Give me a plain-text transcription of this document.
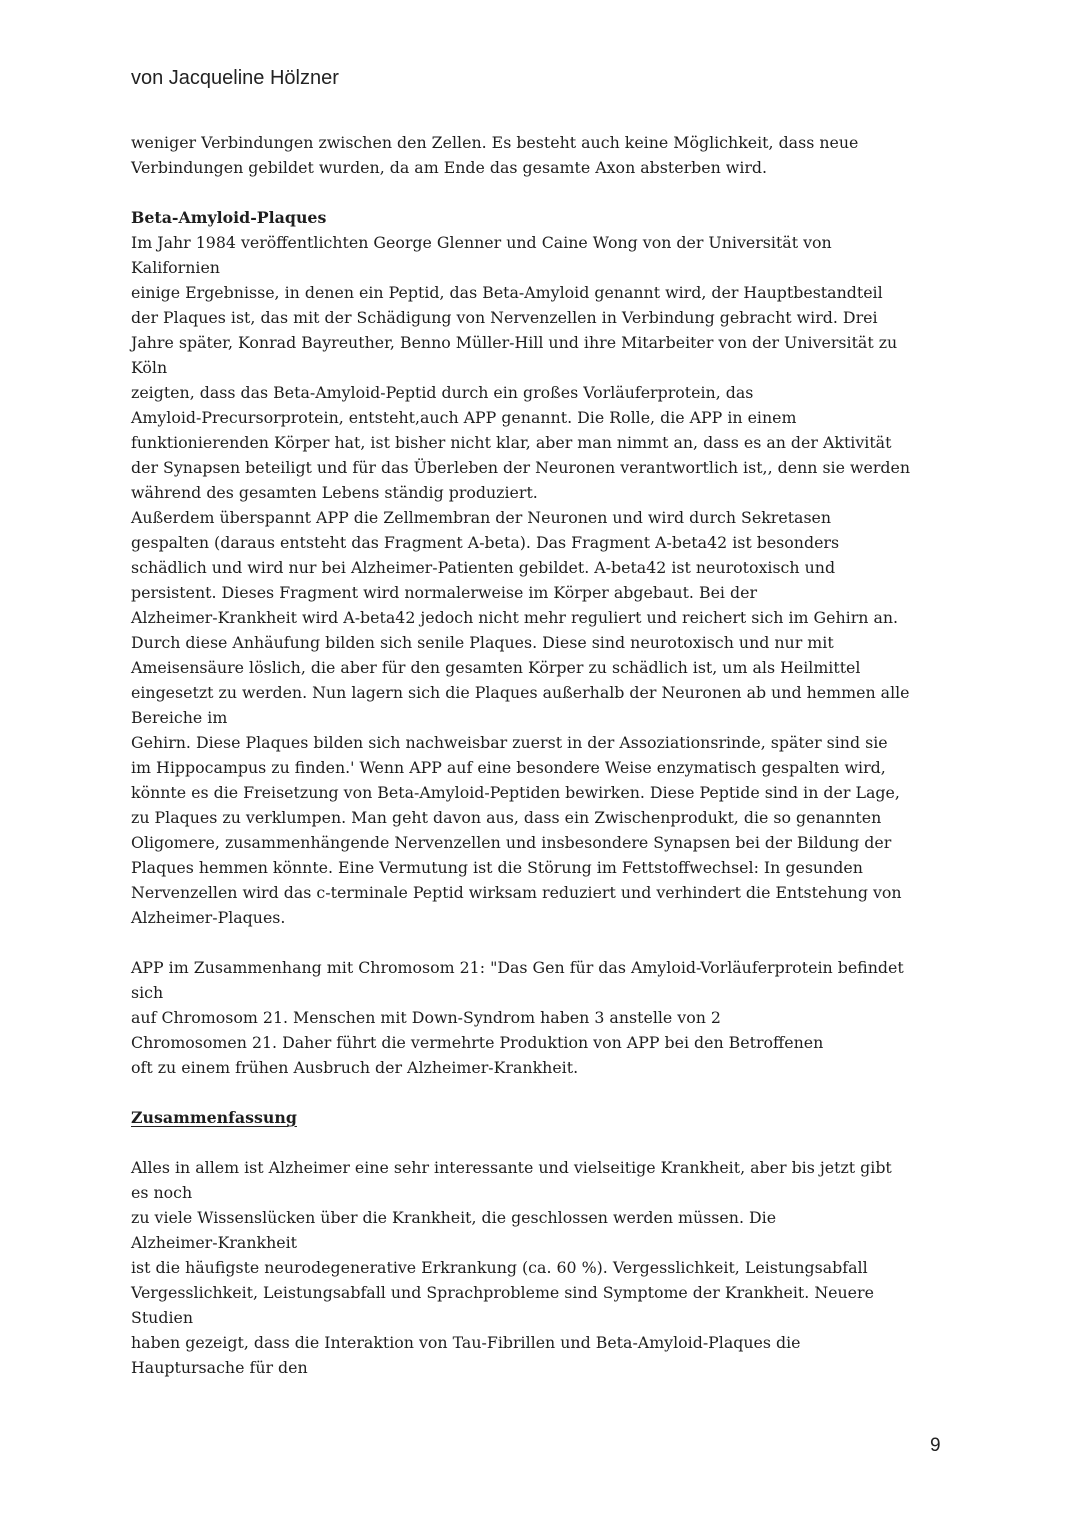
von Jacqueline Hölzner
weniger Verbindungen zwischen den Zellen. Es besteht auch keine Möglichkeit, dass neue
Verbindungen gebildet wurden, da am Ende das gesamte Axon absterben wird.
Beta-Amyloid-Plaques
Im Jahr 1984 veröffentlichten George Glenner und Caine Wong von der Universität von
Kalifornien
einige Ergebnisse, in denen ein Peptid, das Beta-Amyloid genannt wird, der Hauptbestandteil
der Plaques ist, das mit der Schädigung von Nervenzellen in Verbindung gebracht wird. Drei
Jahre später, Konrad Bayreuther, Benno Müller-Hill und ihre Mitarbeiter von der Universität zu
Köln
zeigten, dass das Beta-Amyloid-Peptid durch ein großes Vorläuferprotein, das
Amyloid-Precursorprotein, entsteht,auch APP genannt. Die Rolle, die APP in einem
funktionierenden Körper hat, ist bisher nicht klar, aber man nimmt an, dass es an der Aktivität
der Synapsen beteiligt und für das Überleben der Neuronen verantwortlich ist,, denn sie werden
während des gesamten Lebens ständig produziert.
Außerdem überspannt APP die Zellmembran der Neuronen und wird durch Sekretasen
gespalten (daraus entsteht das Fragment A-beta). Das Fragment A-beta42 ist besonders
schädlich und wird nur bei Alzheimer-Patienten gebildet. A-beta42 ist neurotoxisch und
persistent. Dieses Fragment wird normalerweise im Körper abgebaut. Bei der
Alzheimer-Krankheit wird A-beta42 jedoch nicht mehr reguliert und reichert sich im Gehirn an.
Durch diese Anhäufung bilden sich senile Plaques. Diese sind neurotoxisch und nur mit
Ameisensäure löslich, die aber für den gesamten Körper zu schädlich ist, um als Heilmittel
eingesetzt zu werden. Nun lagern sich die Plaques außerhalb der Neuronen ab und hemmen alle
Bereiche im
Gehirn. Diese Plaques bilden sich nachweisbar zuerst in der Assoziationsrinde, später sind sie
im Hippocampus zu finden.' Wenn APP auf eine besondere Weise enzymatisch gespalten wird,
könnte es die Freisetzung von Beta-Amyloid-Peptiden bewirken. Diese Peptide sind in der Lage,
zu Plaques zu verklumpen. Man geht davon aus, dass ein Zwischenprodukt, die so genannten
Oligomere, zusammenhängende Nervenzellen und insbesondere Synapsen bei der Bildung der
Plaques hemmen könnte. Eine Vermutung ist die Störung im Fettstoffwechsel: In gesunden
Nervenzellen wird das c-terminale Peptid wirksam reduziert und verhindert die Entstehung von
Alzheimer-Plaques.
APP im Zusammenhang mit Chromosom 21: "Das Gen für das Amyloid-Vorläuferprotein befindet
sich
auf Chromosom 21. Menschen mit Down-Syndrom haben 3 anstelle von 2
Chromosomen 21. Daher führt die vermehrte Produktion von APP bei den Betroffenen
oft zu einem frühen Ausbruch der Alzheimer-Krankheit.
Zusammenfassung
Alles in allem ist Alzheimer eine sehr interessante und vielseitige Krankheit, aber bis jetzt gibt
es noch
zu viele Wissenslücken über die Krankheit, die geschlossen werden müssen. Die
Alzheimer-Krankheit
ist die häufigste neurodegenerative Erkrankung (ca. 60 %). Vergesslichkeit, Leistungsabfall
Vergesslichkeit, Leistungsabfall und Sprachprobleme sind Symptome der Krankheit. Neuere
Studien
haben gezeigt, dass die Interaktion von Tau-Fibrillen und Beta-Amyloid-Plaques die
Hauptursache für den
9
